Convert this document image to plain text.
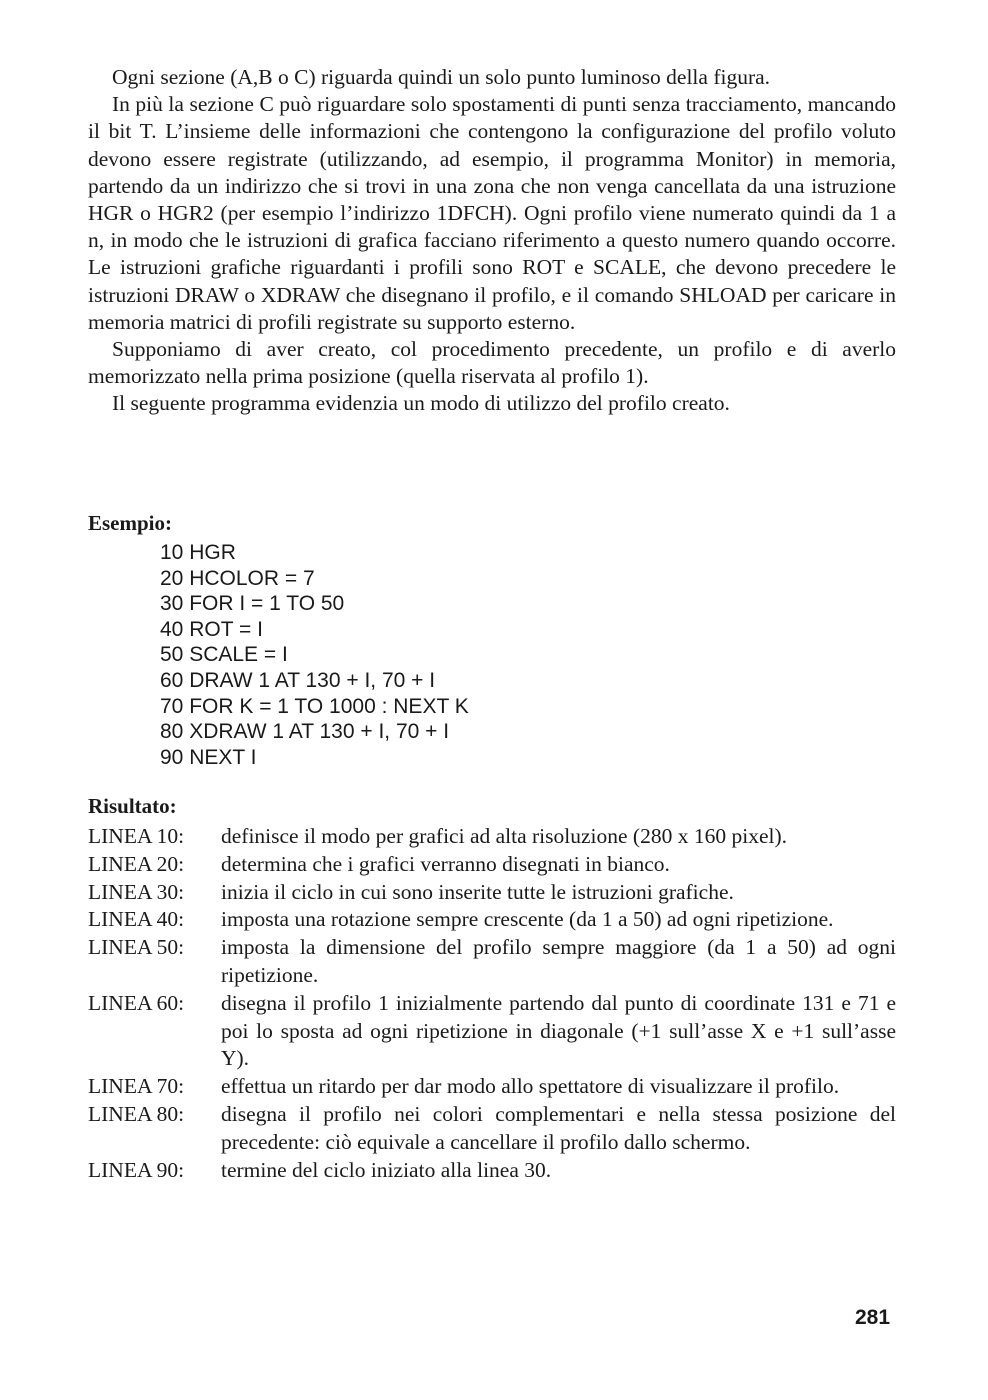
Ogni sezione (A,B o C) riguarda quindi un solo punto luminoso della figura.

In più la sezione C può riguardare solo spostamenti di punti senza tracciamento, mancando il bit T. L’insieme delle informazioni che contengono la configurazione del profilo voluto devono essere registrate (utilizzando, ad esempio, il programma Monitor) in memoria, partendo da un indirizzo che si trovi in una zona che non venga cancellata da una istruzione HGR o HGR2 (per esempio l’indirizzo 1DFCH). Ogni profilo viene numerato quindi da 1 a n, in modo che le istruzioni di grafica facciano riferimento a questo numero quando occorre. Le istruzioni grafiche riguardanti i profili sono ROT e SCALE, che devono precedere le istruzioni DRAW o XDRAW che disegnano il profilo, e il comando SHLOAD per caricare in memoria matrici di profili registrate su supporto esterno.

Supponiamo di aver creato, col procedimento precedente, un profilo e di averlo memorizzato nella prima posizione (quella riservata al profilo 1).

Il seguente programma evidenzia un modo di utilizzo del profilo creato.

Esempio:
10 HGR
20 HCOLOR = 7
30 FOR I = 1 TO 50
40 ROT = I
50 SCALE = I
60 DRAW 1 AT 130 + I, 70 + I
70 FOR K = 1 TO 1000 : NEXT K
80 XDRAW 1 AT 130 + I, 70 + I
90 NEXT I
Risultato:
LINEA 10:	definisce il modo per grafici ad alta risoluzione (280 x 160 pixel).
LINEA 20:	determina che i grafici verranno disegnati in bianco.
LINEA 30:	inizia il ciclo in cui sono inserite tutte le istruzioni grafiche.
LINEA 40:	imposta una rotazione sempre crescente (da 1 a 50) ad ogni ripetizione.
LINEA 50:	imposta la dimensione del profilo sempre maggiore (da 1 a 50) ad ogni ripetizione.
LINEA 60:	disegna il profilo 1 inizialmente partendo dal punto di coordinate 131 e 71 e poi lo sposta ad ogni ripetizione in diagonale (+1 sull’asse X e +1 sull’asse Y).
LINEA 70:	effettua un ritardo per dar modo allo spettatore di visualizzare il profilo.
LINEA 80:	disegna il profilo nei colori complementari e nella stessa posizione del precedente: ciò equivale a cancellare il profilo dallo schermo.
LINEA 90:	termine del ciclo iniziato alla linea 30.
281
